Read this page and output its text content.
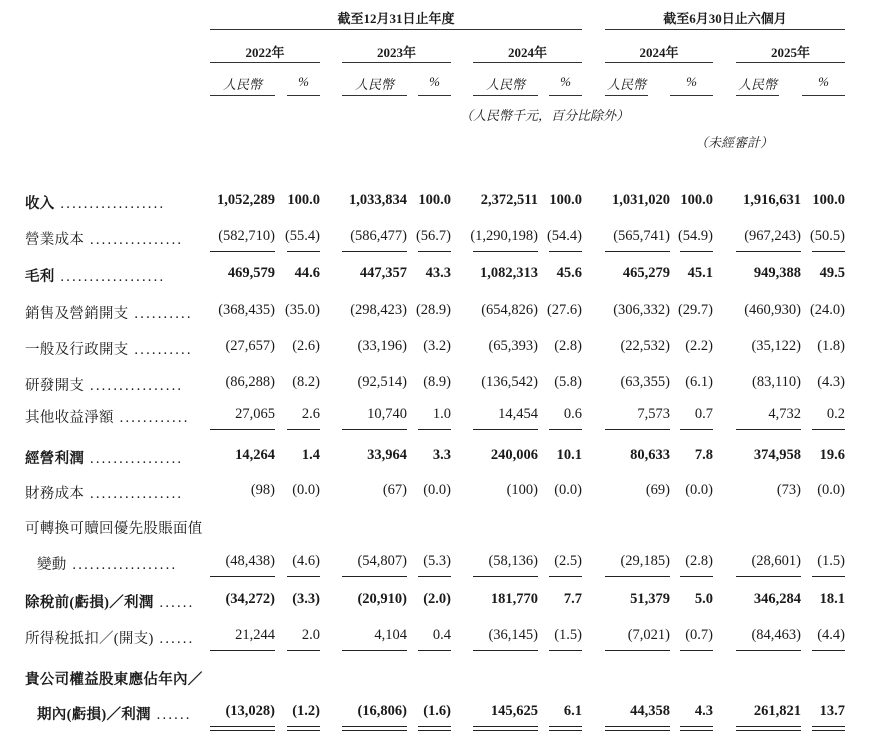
截至12月31日止年度	截至6月30日止六個月
2022年	2023年	2024年	2024年	2025年
人民幣	%	人民幣	%	人民幣	%	人民幣	%	人民幣	%
（人民幣千元，百分比除外）
（未經審計）
收入 ..................	1,052,289 100.0 1,033,834 100.0 2,372,511 100.0 1,031,020 100.0 1,916,631 100.0
營業成本 ................ (582,710) (55.4) (586,477) (56.7) (1,290,198) (54.4) (565,741) (54.9) (967,243) (50.5)
毛利 ..................	469,579 44.6	447,357 43.3 1,082,313 45.6	465,279 45.1	949,388 49.5
銷售及營銷開支 .......... (368,435) (35.0) (298,423) (28.9) (654,826) (27.6) (306,332) (29.7) (460,930) (24.0)
一般及行政開支 .......... (27,657) (2.6)	(33,196) (3.2)	(65,393) (2.8)	(22,532) (2.2)	(35,122) (1.8)
研發開支 ................	(86,288) (8.2)	(92,514) (8.9) (136,542) (5.8)	(63,355) (6.1)	(83,110) (4.3)
其他收益淨額 ............	27,065 2.6	10,740 1.0	14,454 0.6	7,573 0.7	4,732 0.2
經營利潤 ................	14,264 1.4	33,964 3.3	240,006 10.1	80,633 7.8	374,958 19.6
財務成本 ................	(98) (0.0)	(67) (0.0)	(100) (0.0)	(69) (0.0)	(73) (0.0)
可轉換可贖回優先股賬面值
變動 ..................	(48,438) (4.6)	(54,807) (5.3)	(58,136) (2.5)	(29,185) (2.8)	(28,601) (1.5)
除稅前(虧損)／利潤 ...... (34,272) (3.3)	(20,910) (2.0)	181,770 7.7	51,379 5.0	346,284 18.1
所得稅抵扣／(開支) ......	21,244 2.0	4,104 0.4	(36,145) (1.5)	(7,021) (0.7)	(84,463) (4.4)
貴公司權益股東應佔年內／
期內(虧損)／利潤 ...... (13,028) (1.2)	(16,806) (1.6)	145,625 6.1	44,358 4.3	261,821 13.7
